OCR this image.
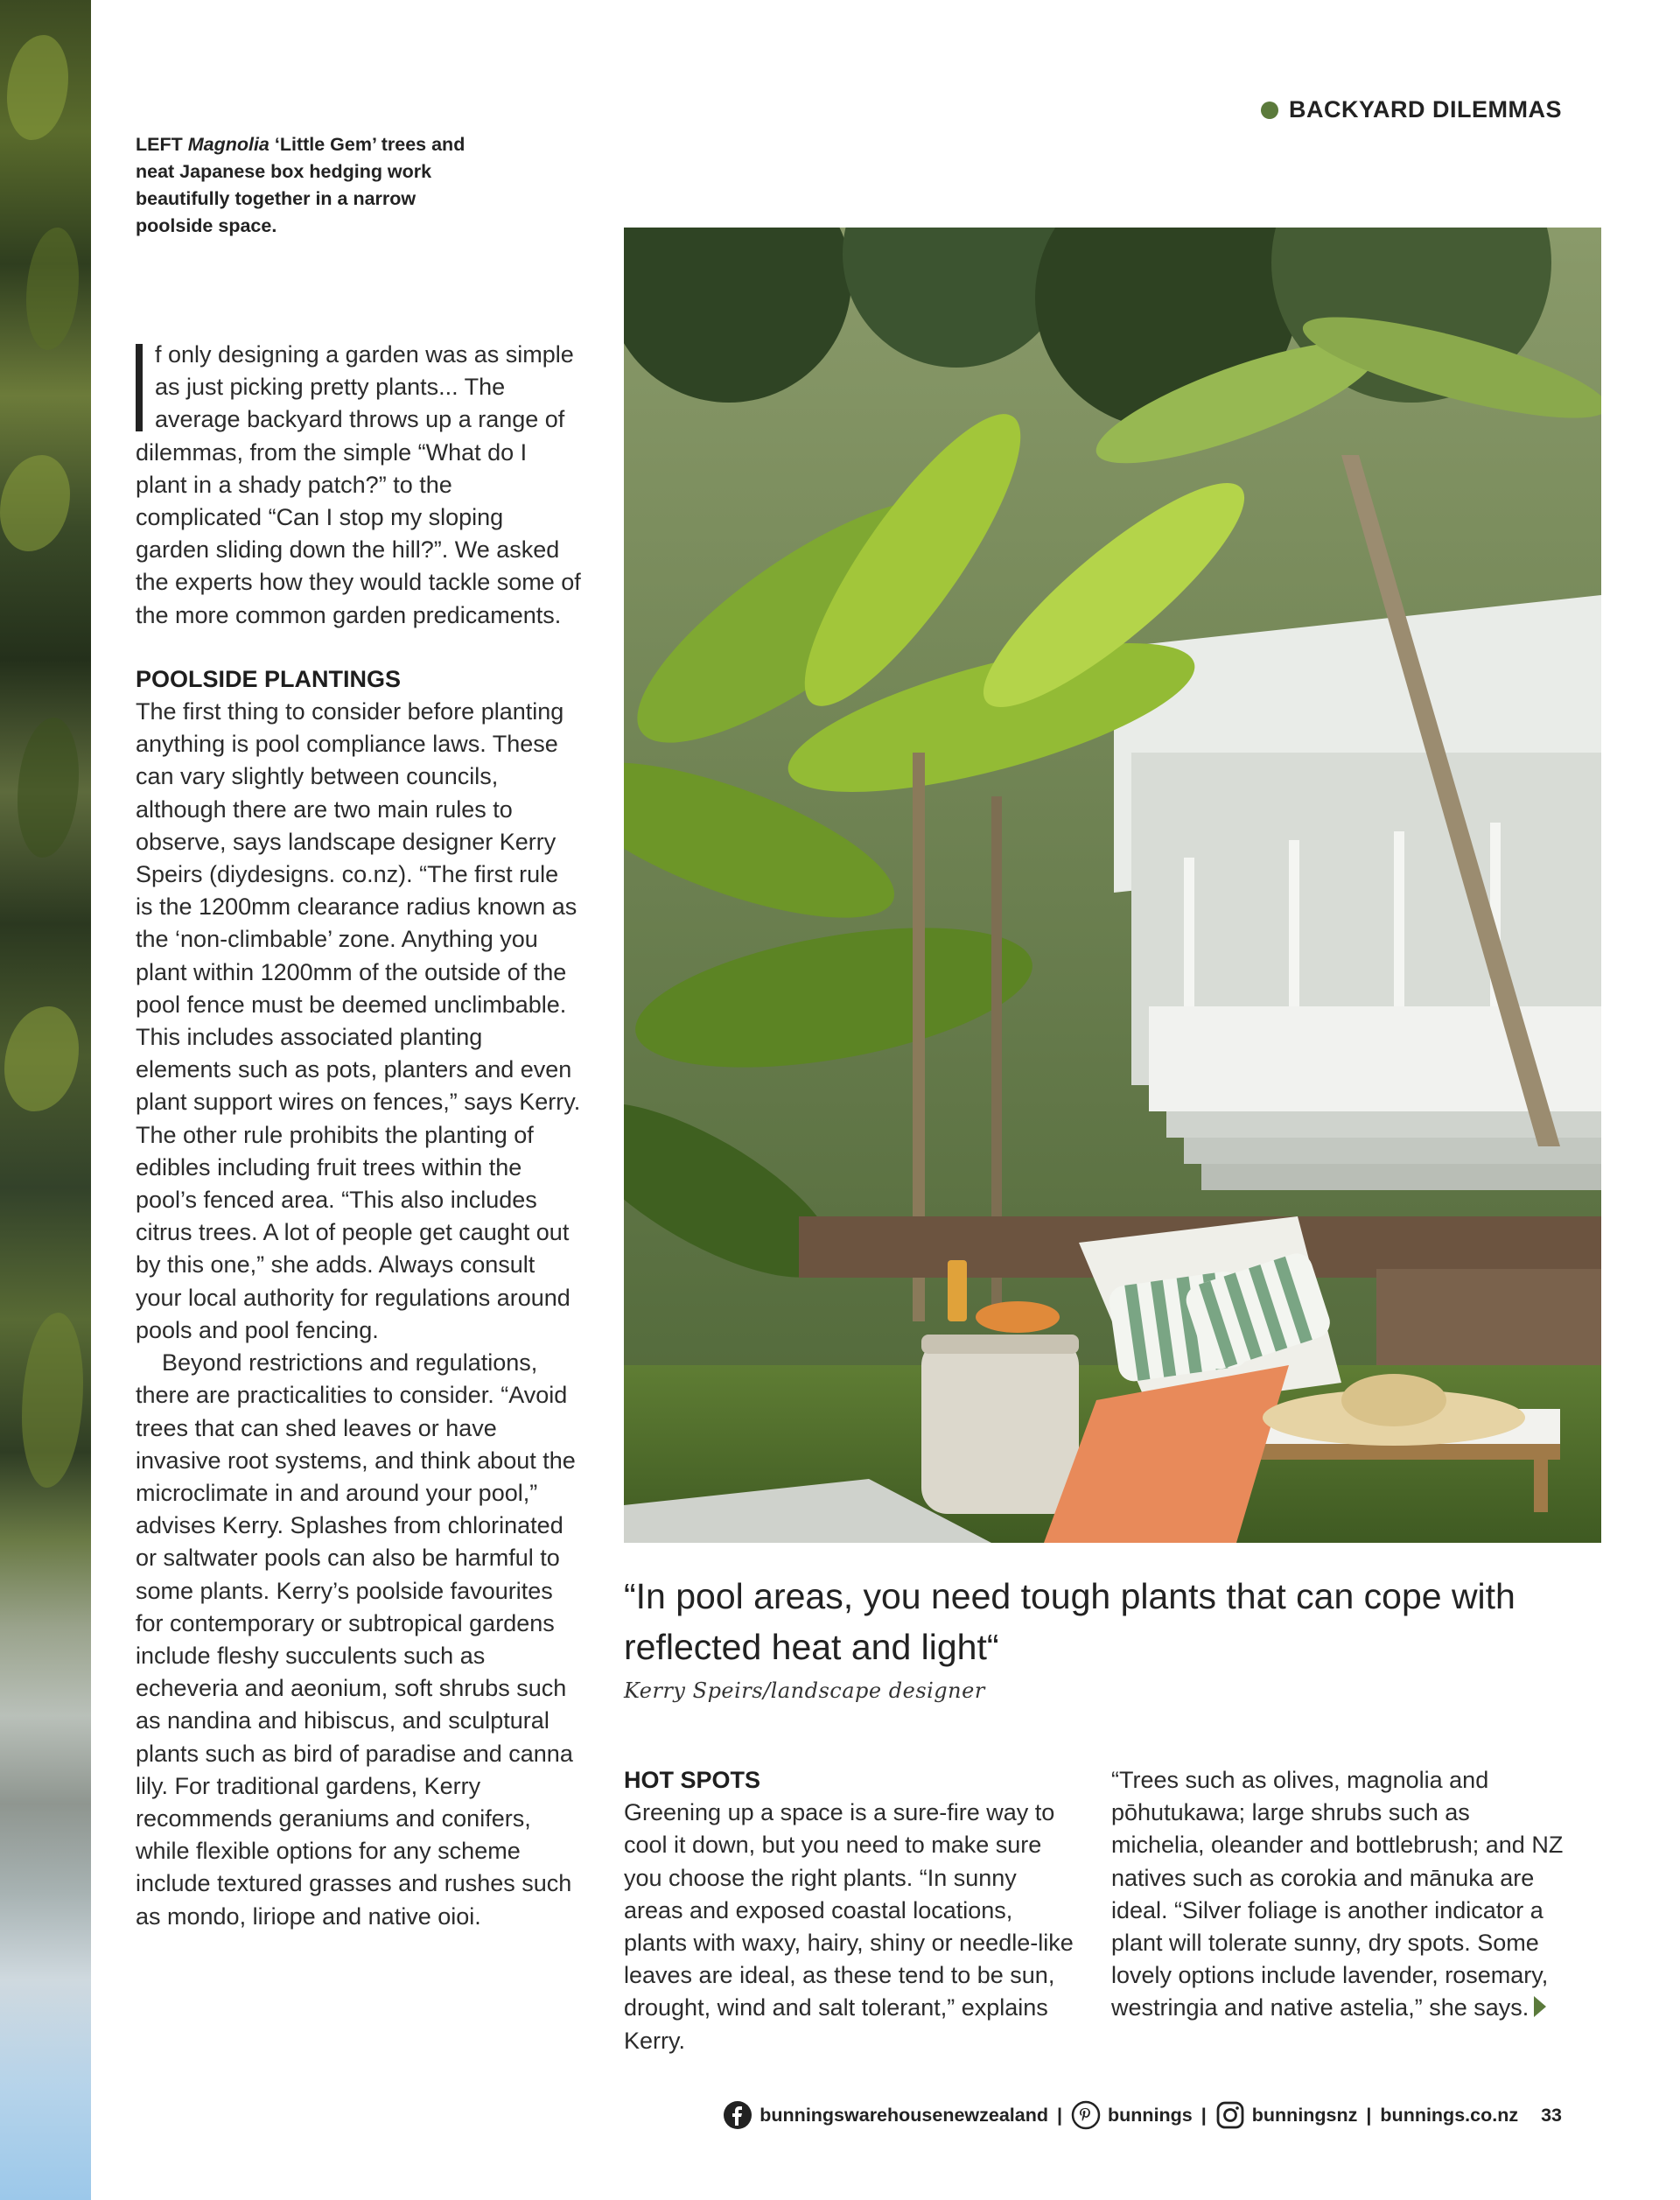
BACKYARD DILEMMAS
LEFT Magnolia ‘Little Gem’ trees and neat Japanese box hedging work beautifully together in a narrow poolside space.

f only designing a garden was as simple as just picking pretty plants... The average backyard throws up a range of dilemmas, from the simple “What do I plant in a shady patch?” to the complicated “Can I stop my sloping garden sliding down the hill?”. We asked the experts how they would tackle some of the more common garden predicaments.

POOLSIDE PLANTINGS

The first thing to consider before planting anything is pool compliance laws. These can vary slightly between councils, although there are two main rules to observe, says landscape designer Kerry Speirs (diydesigns. co.nz). “The first rule is the 1200mm clearance radius known as the ‘non-climbable’ zone. Anything you plant within 1200mm of the outside of the pool fence must be deemed unclimbable. This includes associated planting elements such as pots, planters and even plant support wires on fences,” says Kerry. The other rule prohibits the planting of edibles including fruit trees within the pool’s fenced area. “This also includes citrus trees. A lot of people get caught out by this one,” she adds. Always consult your local authority for regulations around pools and pool fencing.

Beyond restrictions and regulations, there are practicalities to consider. “Avoid trees that can shed leaves or have invasive root systems, and think about the microclimate in and around your pool,” advises Kerry. Splashes from chlorinated or saltwater pools can also be harmful to some plants. Kerry’s poolside favourites for contemporary or subtropical gardens include fleshy succulents such as echeveria and aeonium, soft shrubs such as nandina and hibiscus, and sculptural plants such as bird of paradise and canna lily. For traditional gardens, Kerry recommends geraniums and conifers, while flexible options for any scheme include textured grasses and rushes such as mondo, liriope and native oioi.

“In pool areas, you need tough plants that can cope with reflected heat and light“
Kerry Speirs/landscape designer

HOT SPOTS

Greening up a space is a sure-fire way to cool it down, but you need to make sure you choose the right plants. “In sunny areas and exposed coastal locations, plants with waxy, hairy, shiny or needle-like leaves are ideal, as these tend to be sun, drought, wind and salt tolerant,” explains Kerry.

“Trees such as olives, magnolia and pōhutukawa; large shrubs such as michelia, oleander and bottlebrush; and NZ natives such as corokia and mānuka are ideal. “Silver foliage is another indicator a plant will tolerate sunny, dry spots. Some lovely options include lavender, rosemary, westringia and native astelia,” she says.

bunningswarehousenewzealand | bunnings | bunningsnz | bunnings.co.nz 33
